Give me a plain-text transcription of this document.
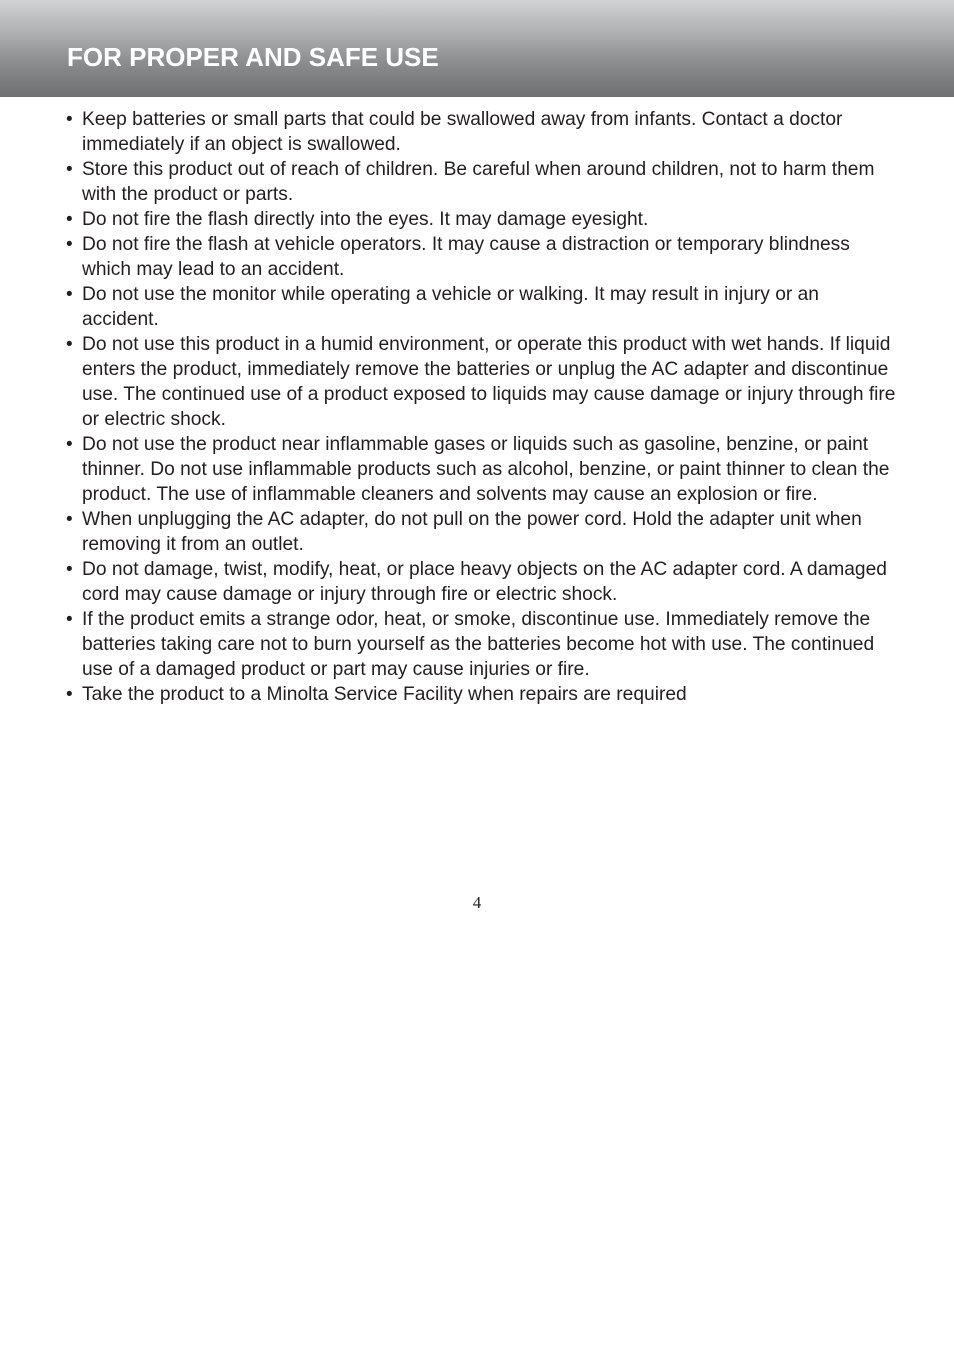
FOR PROPER AND SAFE USE
• Keep batteries or small parts that could be swallowed away from infants. Contact a doctor immediately if an object is swallowed.
• Store this product out of reach of children. Be careful when around children, not to harm them with the product or parts.
• Do not fire the flash directly into the eyes. It may damage eyesight.
• Do not fire the flash at vehicle operators. It may cause a distraction or temporary blindness which may lead to an accident.
• Do not use the monitor while operating a vehicle or walking. It may result in injury or an accident.
• Do not use this product in a humid environment, or operate this product with wet hands. If liquid enters the product, immediately remove the batteries or unplug the AC adapter and discontinue use. The continued use of a product exposed to liquids may cause damage or injury through fire or electric shock.
• Do not use the product near inflammable gases or liquids such as gasoline, benzine, or paint thinner. Do not use inflammable products such as alcohol, benzine, or paint thinner to clean the product. The use of inflammable cleaners and solvents may cause an explosion or fire.
• When unplugging the AC adapter, do not pull on the power cord. Hold the adapter unit when removing it from an outlet.
• Do not damage, twist, modify, heat, or place heavy objects on the AC adapter cord. A damaged cord may cause damage or injury through fire or electric shock.
• If the product emits a strange odor, heat, or smoke, discontinue use. Immediately remove the batteries taking care not to burn yourself as the batteries become hot with use. The continued use of a damaged product or part may cause injuries or fire.
• Take the product to a Minolta Service Facility when repairs are required
4
